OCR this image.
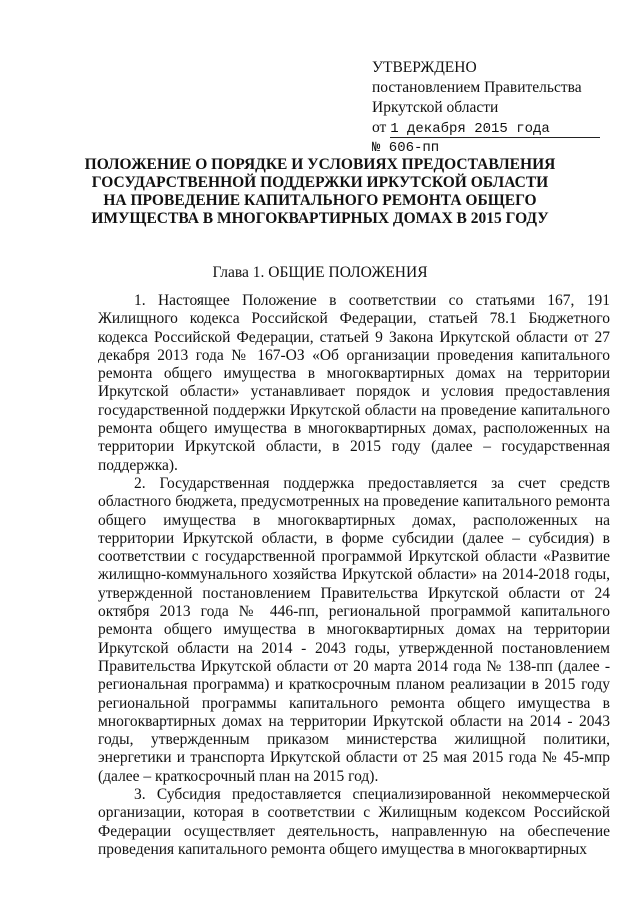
УТВЕРЖДЕНО
постановлением Правительства
Иркутской области
от 1 декабря 2015 года
№ 606-пп
ПОЛОЖЕНИЕ О ПОРЯДКЕ И УСЛОВИЯХ ПРЕДОСТАВЛЕНИЯ ГОСУДАРСТВЕННОЙ ПОДДЕРЖКИ ИРКУТСКОЙ ОБЛАСТИ НА ПРОВЕДЕНИЕ КАПИТАЛЬНОГО РЕМОНТА ОБЩЕГО ИМУЩЕСТВА В МНОГОКВАРТИРНЫХ ДОМАХ В 2015 ГОДУ
Глава 1. ОБЩИЕ ПОЛОЖЕНИЯ

1. Настоящее Положение в соответствии со статьями 167, 191 Жилищного кодекса Российской Федерации, статьей 78.1 Бюджетного кодекса Российской Федерации, статьей 9 Закона Иркутской области от 27 декабря 2013 года № 167-ОЗ «Об организации проведения капитального ремонта общего имущества в многоквартирных домах на территории Иркутской области» устанавливает порядок и условия предоставления государственной поддержки Иркутской области на проведение капитального ремонта общего имущества в многоквартирных домах, расположенных на территории Иркутской области, в 2015 году (далее – государственная поддержка).

2. Государственная поддержка предоставляется за счет средств областного бюджета, предусмотренных на проведение капитального ремонта общего имущества в многоквартирных домах, расположенных на территории Иркутской области, в форме субсидии (далее – субсидия) в соответствии с государственной программой Иркутской области «Развитие жилищно-коммунального хозяйства Иркутской области» на 2014-2018 годы, утвержденной постановлением Правительства Иркутской области от 24 октября 2013 года № 446-пп, региональной программой капитального ремонта общего имущества в многоквартирных домах на территории Иркутской области на 2014 - 2043 годы, утвержденной постановлением Правительства Иркутской области от 20 марта 2014 года № 138-пп (далее - региональная программа) и краткосрочным планом реализации в 2015 году региональной программы капитального ремонта общего имущества в многоквартирных домах на территории Иркутской области на 2014 - 2043 годы, утвержденным приказом министерства жилищной политики, энергетики и транспорта Иркутской области от 25 мая 2015 года № 45-мпр (далее – краткосрочный план на 2015 год).

3. Субсидия предоставляется специализированной некоммерческой организации, которая в соответствии с Жилищным кодексом Российской Федерации осуществляет деятельность, направленную на обеспечение проведения капитального ремонта общего имущества в многоквартирных
